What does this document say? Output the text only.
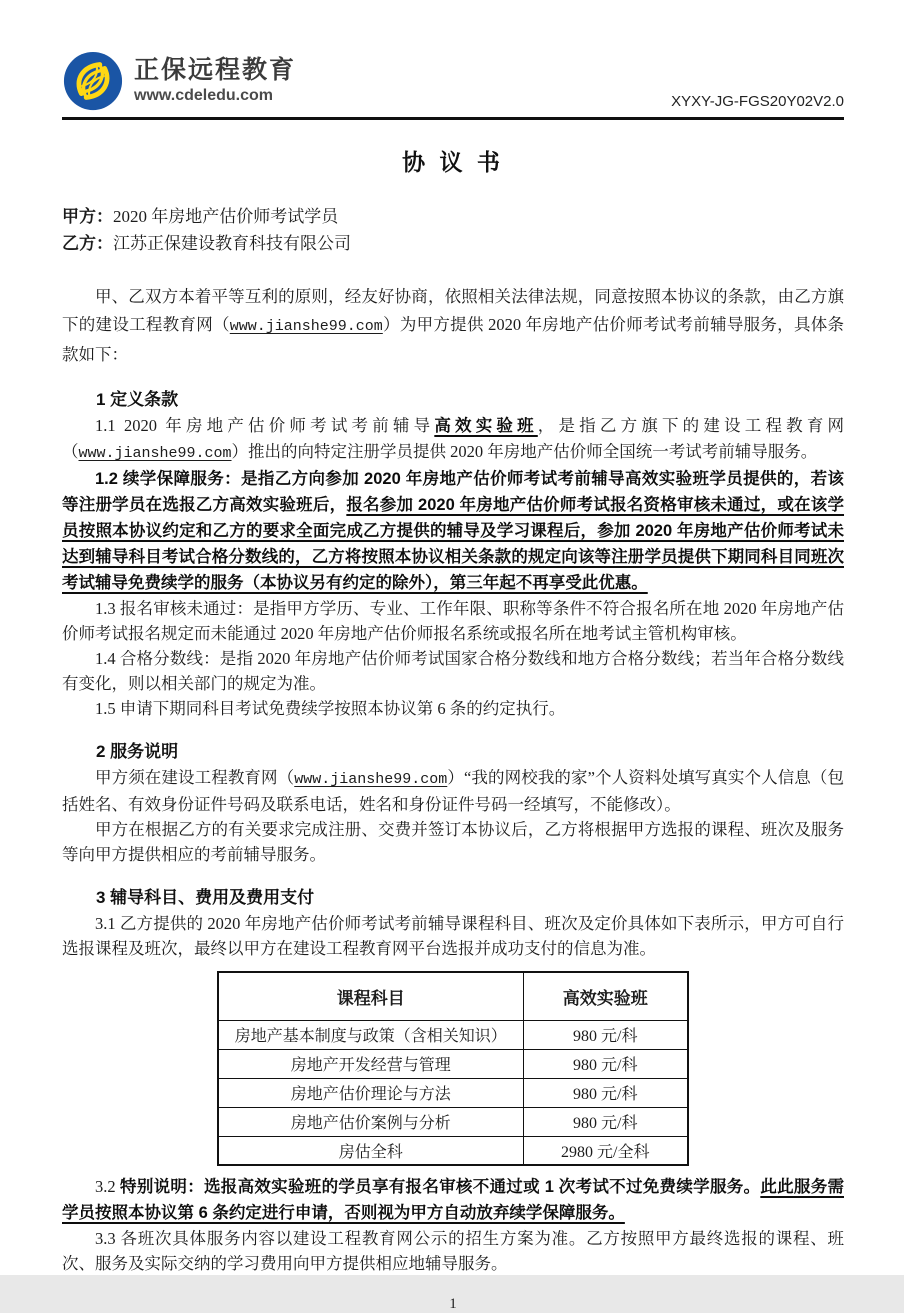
正保远程教育
www.cdeledu.com	XYXY-JG-FGS20Y02V2.0
协 议 书
甲方：2020 年房地产估价师考试学员
乙方：江苏正保建设教育科技有限公司

甲、乙双方本着平等互利的原则，经友好协商，依照相关法律法规，同意按照本协议的条款，由乙方旗下的建设工程教育网（www.jianshe99.com）为甲方提供 2020 年房地产估价师考试考前辅导服务，具体条款如下：

1 定义条款

1.1 2020 年房地产估价师考试考前辅导高效实验班，是指乙方旗下的建设工程教育网（www.jianshe99.com）推出的向特定注册学员提供 2020 年房地产估价师全国统一考试考前辅导服务。

1.2 续学保障服务：是指乙方向参加 2020 年房地产估价师考试考前辅导高效实验班学员提供的，若该等注册学员在选报乙方高效实验班后，报名参加 2020 年房地产估价师考试报名资格审核未通过，或在该学员按照本协议约定和乙方的要求全面完成乙方提供的辅导及学习课程后，参加 2020 年房地产估价师考试未达到辅导科目考试合格分数线的，乙方将按照本协议相关条款的规定向该等注册学员提供下期同科目同班次考试辅导免费续学的服务（本协议另有约定的除外），第三年起不再享受此优惠。

1.3 报名审核未通过：是指甲方学历、专业、工作年限、职称等条件不符合报名所在地 2020 年房地产估价师考试报名规定而未能通过 2020 年房地产估价师报名系统或报名所在地考试主管机构审核。

1.4 合格分数线：是指 2020 年房地产估价师考试国家合格分数线和地方合格分数线；若当年合格分数线有变化，则以相关部门的规定为准。

1.5 申请下期同科目考试免费续学按照本协议第 6 条的约定执行。

2 服务说明

甲方须在建设工程教育网（www.jianshe99.com）“我的网校我的家”个人资料处填写真实个人信息（包括姓名、有效身份证件号码及联系电话，姓名和身份证件号码一经填写，不能修改）。

甲方在根据乙方的有关要求完成注册、交费并签订本协议后，乙方将根据甲方选报的课程、班次及服务等向甲方提供相应的考前辅导服务。

3 辅导科目、费用及费用支付

3.1 乙方提供的 2020 年房地产估价师考试考前辅导课程科目、班次及定价具体如下表所示，甲方可自行选报课程及班次，最终以甲方在建设工程教育网平台选报并成功支付的信息为准。

课程科目	高效实验班
房地产基本制度与政策（含相关知识）	980 元/科
房地产开发经营与管理	980 元/科
房地产估价理论与方法	980 元/科
房地产估价案例与分析	980 元/科
房估全科	2980 元/全科

3.2 特别说明：选报高效实验班的学员享有报名审核不通过或 1 次考试不过免费续学服务。此此服务需学员按照本协议第 6 条约定进行申请，否则视为甲方自动放弃续学保障服务。

3.3 各班次具体服务内容以建设工程教育网公示的招生方案为准。乙方按照甲方最终选报的课程、班次、服务及实际交纳的学习费用向甲方提供相应地辅导服务。

1
